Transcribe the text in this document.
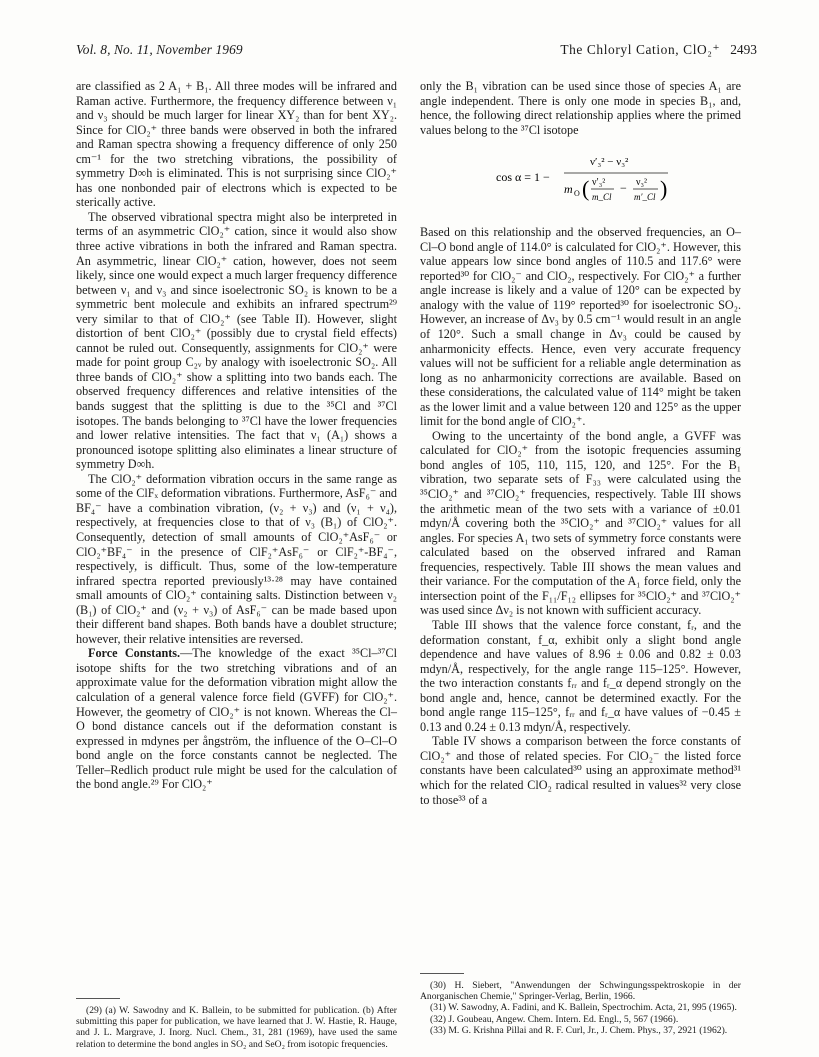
Vol. 8, No. 11, November 1969	The Chloryl Cation, ClO₂⁺ 2493

are classified as 2 A₁ + B₁. All three modes will be infrared and Raman active. Furthermore, the frequency difference between ν₁ and ν₃ should be much larger for linear XY₂ than for bent XY₂. Since for ClO₂⁺ three bands were observed in both the infrared and Raman spectra showing a frequency difference of only 250 cm⁻¹ for the two stretching vibrations, the possibility of symmetry D∞h is eliminated. This is not surprising since ClO₂⁺ has one nonbonded pair of electrons which is expected to be sterically active.

The observed vibrational spectra might also be interpreted in terms of an asymmetric ClO₂⁺ cation, since it would also show three active vibrations in both the infrared and Raman spectra. An asymmetric, linear ClO₂⁺ cation, however, does not seem likely, since one would expect a much larger frequency difference between ν₁ and ν₃ and since isoelectronic SO₂ is known to be a symmetric bent molecule and exhibits an infrared spectrum²⁹ very similar to that of ClO₂⁺ (see Table II). However, slight distortion of bent ClO₂⁺ (possibly due to crystal field effects) cannot be ruled out. Consequently, assignments for ClO₂⁺ were made for point group C₂ᵥ by analogy with isoelectronic SO₂. All three bands of ClO₂⁺ show a splitting into two bands each. The observed frequency differences and relative intensities of the bands suggest that the splitting is due to the ³⁵Cl and ³⁷Cl isotopes. The bands belonging to ³⁷Cl have the lower frequencies and lower relative intensities. The fact that ν₁ (A₁) shows a pronounced isotope splitting also eliminates a linear structure of symmetry D∞h.

The ClO₂⁺ deformation vibration occurs in the same range as some of the ClFₓ deformation vibrations. Furthermore, AsF₆⁻ and BF₄⁻ have a combination vibration, (ν₂ + ν₃) and (ν₁ + ν₄), respectively, at frequencies close to that of ν₃ (B₁) of ClO₂⁺. Consequently, detection of small amounts of ClO₂⁺AsF₆⁻ or ClO₂⁺BF₄⁻ in the presence of ClF₂⁺AsF₆⁻ or ClF₂⁺-BF₄⁻, respectively, is difficult. Thus, some of the low-temperature infrared spectra reported previously¹³·²⁸ may have contained small amounts of ClO₂⁺ containing salts. Distinction between ν₂ (B₁) of ClO₂⁺ and (ν₂ + ν₃) of AsF₆⁻ can be made based upon their different band shapes. Both bands have a doublet structure; however, their relative intensities are reversed.

Force Constants.—The knowledge of the exact ³⁵Cl–³⁷Cl isotope shifts for the two stretching vibrations and of an approximate value for the deformation vibration might allow the calculation of a general valence force field (GVFF) for ClO₂⁺. However, the geometry of ClO₂⁺ is not known. Whereas the Cl–O bond distance cancels out if the deformation constant is expressed in mdynes per ångström, the influence of the O–Cl–O bond angle on the force constants cannot be neglected. The Teller–Redlich product rule might be used for the calculation of the bond angle.²⁹ For ClO₂⁺

(29) (a) W. Sawodny and K. Ballein, to be submitted for publication. (b) After submitting this paper for publication, we have learned that J. W. Hastie, R. Hauge, and J. L. Margrave, J. Inorg. Nucl. Chem., 31, 281 (1969), have used the same relation to determine the bond angles in SO₂ and SeO₂ from isotopic frequencies.

only the B₁ vibration can be used since those of species A₁ are angle independent. There is only one mode in species B₁, and, hence, the following direct relationship applies where the primed values belong to the ³⁷Cl isotope

cos α = 1 −
ν′₃² − ν₃²
m O ( ν′₃²
m_Cl
− ν₃²
m′_Cl )

Based on this relationship and the observed frequencies, an O–Cl–O bond angle of 114.0° is calculated for ClO₂⁺. However, this value appears low since bond angles of 110.5 and 117.6° were reported³⁰ for ClO₂⁻ and ClO₂, respectively. For ClO₂⁺ a further angle increase is likely and a value of 120° can be expected by analogy with the value of 119° reported³⁰ for isoelectronic SO₂. However, an increase of Δν₃ by 0.5 cm⁻¹ would result in an angle of 120°. Such a small change in Δν₃ could be caused by anharmonicity effects. Hence, even very accurate frequency values will not be sufficient for a reliable angle determination as long as no anharmonicity corrections are available. Based on these considerations, the calculated value of 114° might be taken as the lower limit and a value between 120 and 125° as the upper limit for the bond angle of ClO₂⁺.

Owing to the uncertainty of the bond angle, a GVFF was calculated for ClO₂⁺ from the isotopic frequencies assuming bond angles of 105, 110, 115, 120, and 125°. For the B₁ vibration, two separate sets of F₃₃ were calculated using the ³⁵ClO₂⁺ and ³⁷ClO₂⁺ frequencies, respectively. Table III shows the arithmetic mean of the two sets with a variance of ±0.01 mdyn/Å covering both the ³⁵ClO₂⁺ and ³⁷ClO₂⁺ values for all angles. For species A₁ two sets of symmetry force constants were calculated based on the observed infrared and Raman frequencies, respectively. Table III shows the mean values and their variance. For the computation of the A₁ force field, only the intersection point of the F₁₁/F₁₂ ellipses for ³⁵ClO₂⁺ and ³⁷ClO₂⁺ was used since Δν₂ is not known with sufficient accuracy.

Table III shows that the valence force constant, fᵣ, and the deformation constant, f_α, exhibit only a slight bond angle dependence and have values of 8.96 ± 0.06 and 0.82 ± 0.03 mdyn/Å, respectively, for the angle range 115–125°. However, the two interaction constants fᵣᵣ and fᵣ_α depend strongly on the bond angle and, hence, cannot be determined exactly. For the bond angle range 115–125°, fᵣᵣ and fᵣ_α have values of −0.45 ± 0.13 and 0.24 ± 0.13 mdyn/Å, respectively.

Table IV shows a comparison between the force constants of ClO₂⁺ and those of related species. For ClO₂⁻ the listed force constants have been calculated³⁰ using an approximate method³¹ which for the related ClO₂ radical resulted in values³² very close to those³³ of a

(30) H. Siebert, "Anwendungen der Schwingungsspektroskopie in der Anorganischen Chemie," Springer-Verlag, Berlin, 1966.

(31) W. Sawodny, A. Fadini, and K. Ballein, Spectrochim. Acta, 21, 995 (1965).

(32) J. Goubeau, Angew. Chem. Intern. Ed. Engl., 5, 567 (1966).

(33) M. G. Krishna Pillai and R. F. Curl, Jr., J. Chem. Phys., 37, 2921 (1962).
